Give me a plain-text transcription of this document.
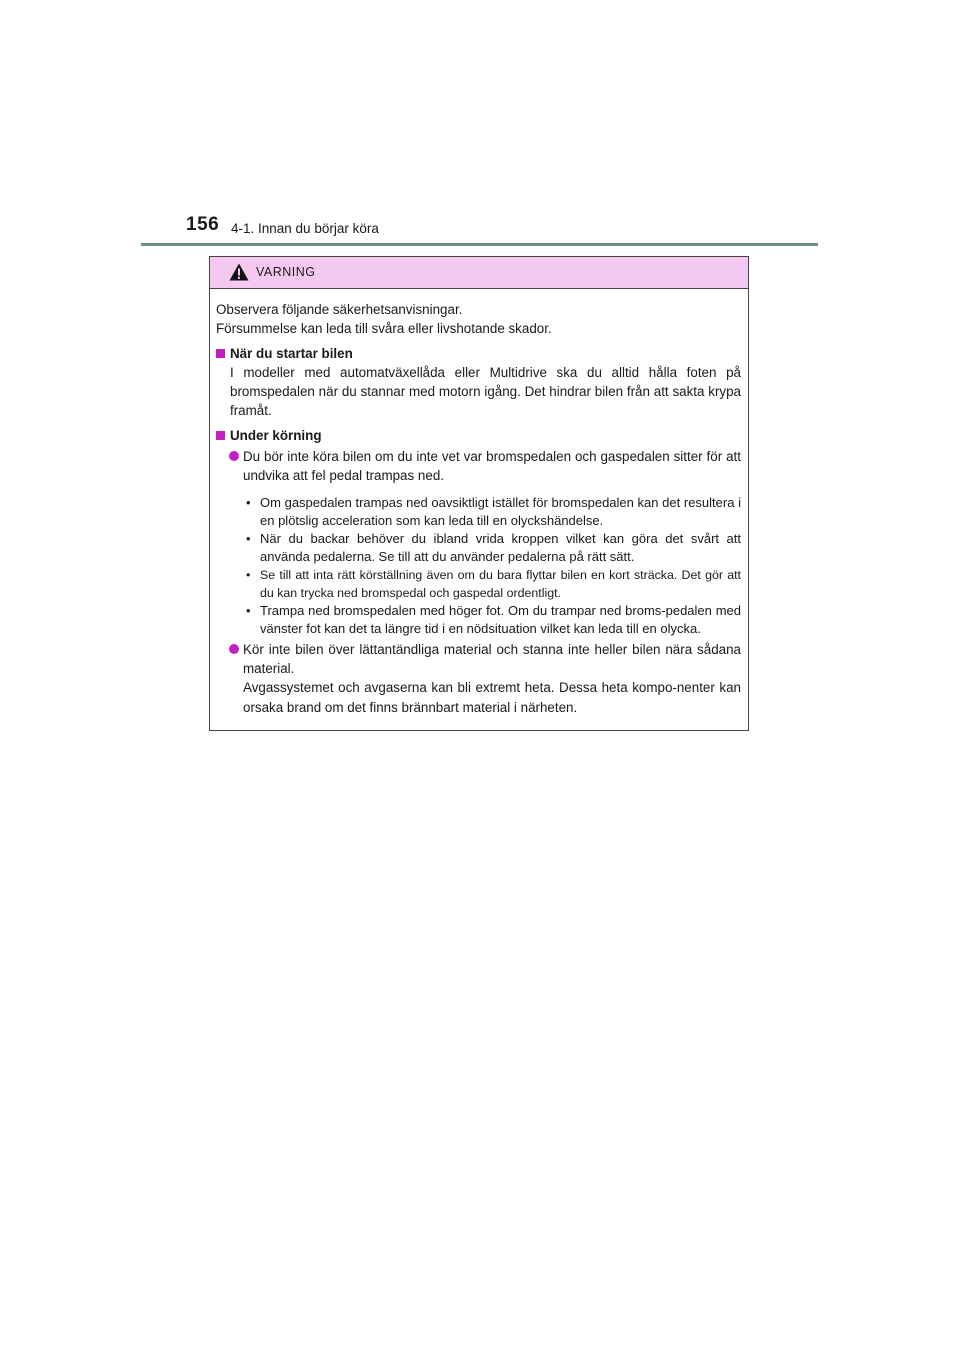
156 4-1. Innan du börjar köra
VARNING

Observera följande säkerhetsanvisningar.

Försummelse kan leda till svåra eller livshotande skador.

När du startar bilen
I modeller med automatväxellåda eller Multidrive ska du alltid hålla foten på bromspedalen när du stannar med motorn igång. Det hindrar bilen från att sakta krypa framåt.
Under körning
Du bör inte köra bilen om du inte vet var bromspedalen och gaspedalen sitter för att undvika att fel pedal trampas ned.
• Om gaspedalen trampas ned oavsiktligt istället för bromspedalen kan det resultera i en plötslig acceleration som kan leda till en olyckshändelse.
• När du backar behöver du ibland vrida kroppen vilket kan göra det svårt att använda pedalerna. Se till att du använder pedalerna på rätt sätt.
• Se till att inta rätt körställning även om du bara flyttar bilen en kort sträcka. Det gör att du kan trycka ned bromspedal och gaspedal ordentligt.
• Trampa ned bromspedalen med höger fot. Om du trampar ned broms-pedalen med vänster fot kan det ta längre tid i en nödsituation vilket kan leda till en olycka.
Kör inte bilen över lättantändliga material och stanna inte heller bilen nära sådana material.
Avgassystemet och avgaserna kan bli extremt heta. Dessa heta kompo-nenter kan orsaka brand om det finns brännbart material i närheten.
